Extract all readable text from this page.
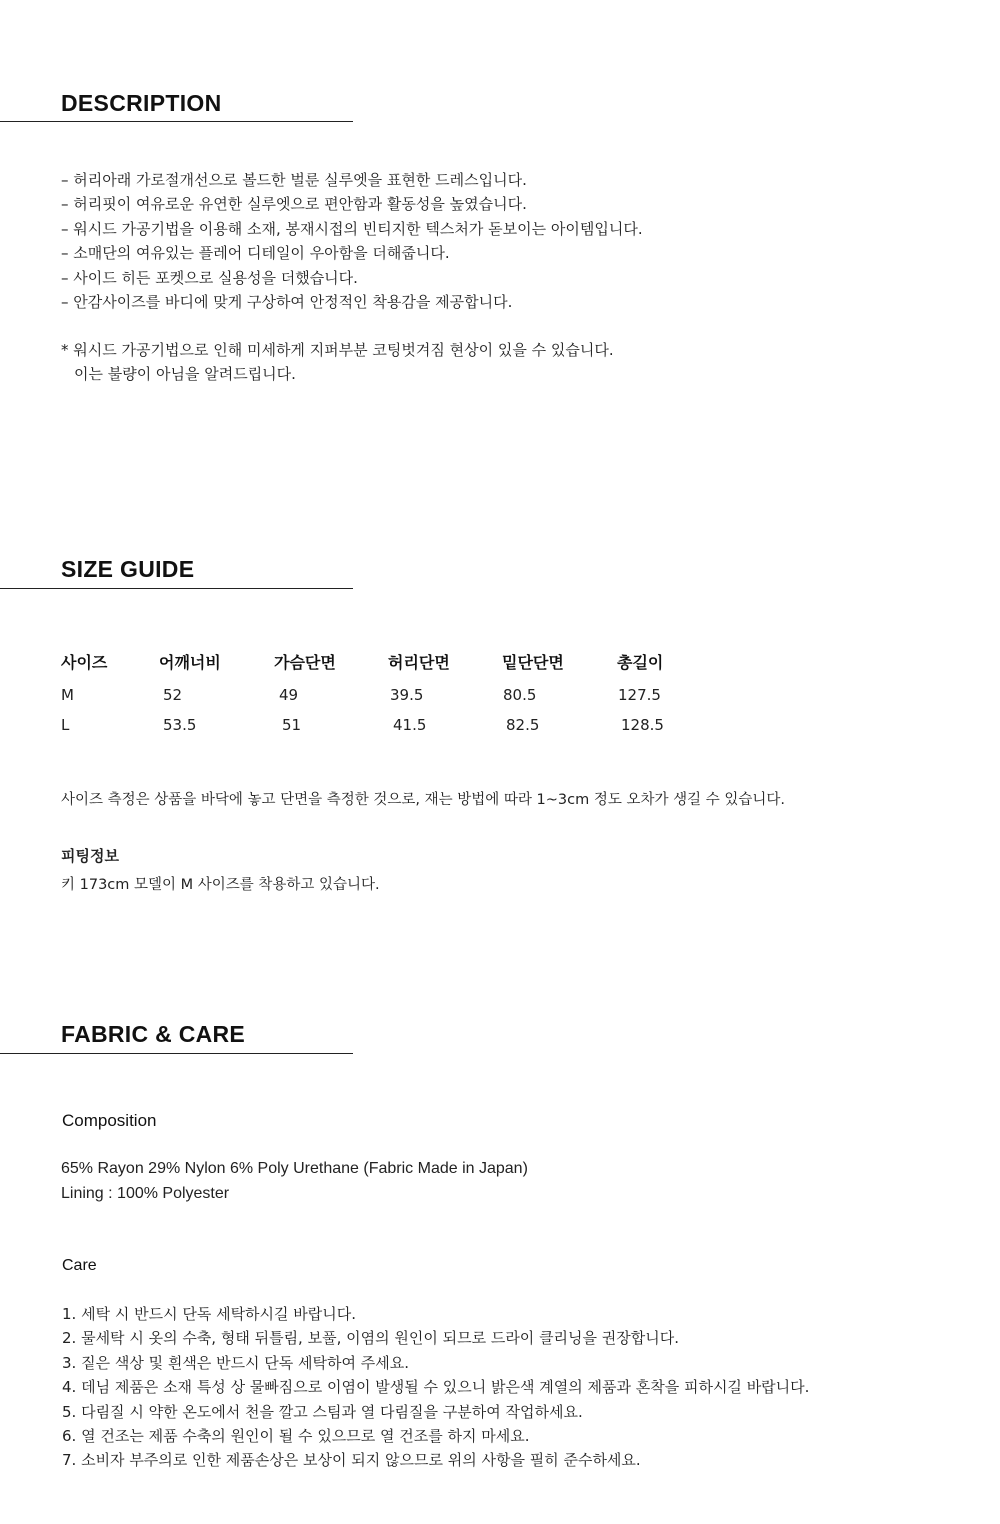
DESCRIPTION
– 허리아래 가로절개선으로 볼드한 벌룬 실루엣을 표현한 드레스입니다.
– 허리핏이 여유로운 유연한 실루엣으로 편안함과 활동성을 높였습니다.
– 워시드 가공기법을 이용해 소재, 봉재시접의 빈티지한 텍스처가 돋보이는 아이템입니다.
– 소매단의 여유있는 플레어 디테일이 우아함을 더해줍니다.
– 사이드 히든 포켓으로 실용성을 더했습니다.
– 안감사이즈를 바디에 맞게 구상하여 안정적인 착용감을 제공합니다.
* 워시드 가공기법으로 인해 미세하게 지퍼부분 코팅벗겨짐 현상이 있을 수 있습니다.
이는 불량이 아님을 알려드립니다.
SIZE GUIDE
사이즈	어깨너비	가슴단면	허리단면	밑단단면	총길이
M	52	49	39.5	80.5	127.5
L	53.5	51	41.5	82.5	128.5
사이즈 측정은 상품을 바닥에 놓고 단면을 측정한 것으로, 재는 방법에 따라 1~3cm 정도 오차가 생길 수 있습니다.
피팅정보
키 173cm 모델이 M 사이즈를 착용하고 있습니다.
FABRIC & CARE
Composition
65% Rayon 29% Nylon 6% Poly Urethane (Fabric Made in Japan)
Lining : 100% Polyester
Care
1. 세탁 시 반드시 단독 세탁하시길 바랍니다.
2. 물세탁 시 옷의 수축, 형태 뒤틀림, 보풀, 이염의 원인이 되므로 드라이 클리닝을 권장합니다.
3. 짙은 색상 및 흰색은 반드시 단독 세탁하여 주세요.
4. 데님 제품은 소재 특성 상 물빠짐으로 이염이 발생될 수 있으니 밝은색 계열의 제품과 혼착을 피하시길 바랍니다.
5. 다림질 시 약한 온도에서 천을 깔고 스팀과 열 다림질을 구분하여 작업하세요.
6. 열 건조는 제품 수축의 원인이 될 수 있으므로 열 건조를 하지 마세요.
7. 소비자 부주의로 인한 제품손상은 보상이 되지 않으므로 위의 사항을 필히 준수하세요.
